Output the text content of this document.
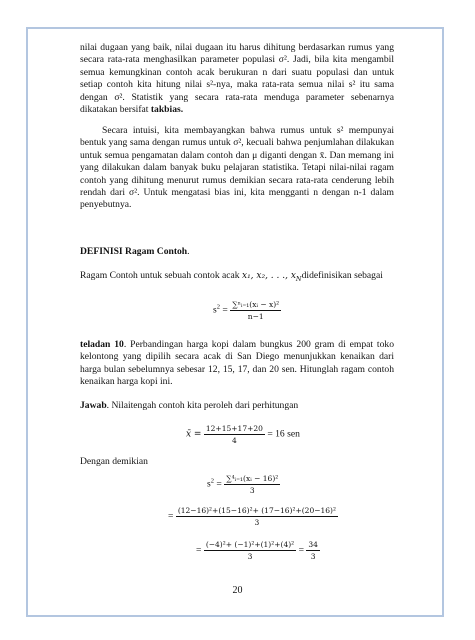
nilai dugaan yang baik, nilai dugaan itu harus dihitung berdasarkan rumus yang secara rata-rata menghasilkan parameter populasi σ². Jadi, bila kita mengambil semua kemungkinan contoh acak berukuran n dari suatu populasi dan untuk setiap contoh kita hitung nilai s²-nya, maka rata-rata semua nilai s² itu sama dengan σ². Statistik yang secara rata-rata menduga parameter sebenarnya dikatakan bersifat takbias.

Secara intuisi, kita membayangkan bahwa rumus untuk s² mempunyai bentuk yang sama dengan rumus untuk σ², kecuali bahwa penjumlahan dilakukan untuk semua pengamatan dalam contoh dan μ diganti dengan x̄. Dan memang ini yang dilakukan dalam banyak buku pelajaran statistika. Tetapi nilai-nilai ragam contoh yang dihitung menurut rumus demikian secara rata-rata cenderung lebih rendah dari σ². Untuk mengatasi bias ini, kita mengganti n dengan n-1 dalam penyebutnya.

DEFINISI Ragam Contoh.

Ragam Contoh untuk sebuah contok acak x₁, x₂, . . ., $x_Ndidefinisikan$ sebagai

$s^2 = \frac{\text{∑ⁿᵢ₌₁(xᵢ − x)²}}{n-1}$

teladan 10. Perbandingan harga kopi dalam bungkus 200 gram di empat toko kelontong yang dipilih secara acak di San Diego menunjukkan kenaikan dari harga bulan sebelumnya sebesar 12, 15, 17, dan 20 sen. Hitunglah ragam contoh kenaikan harga kopi ini.

Jawab. Nilaitengah contoh kita peroleh dari perhitungan

x̄ = $\frac{12+15+17+20}{4} = 16$ sen

Dengan demikian

$s^2 = \frac{\text{∑⁴ᵢ₌₁(xᵢ − 16)²}}{3}$
= $\frac{\text{(12−16)²+(15−16)²+ (17−16)²+(20−16)²}}{3}$
= $\frac{\text{(−4)²+ (−1)²+(1)²+(4)²}}{3} = \frac{34}{3}$
20
